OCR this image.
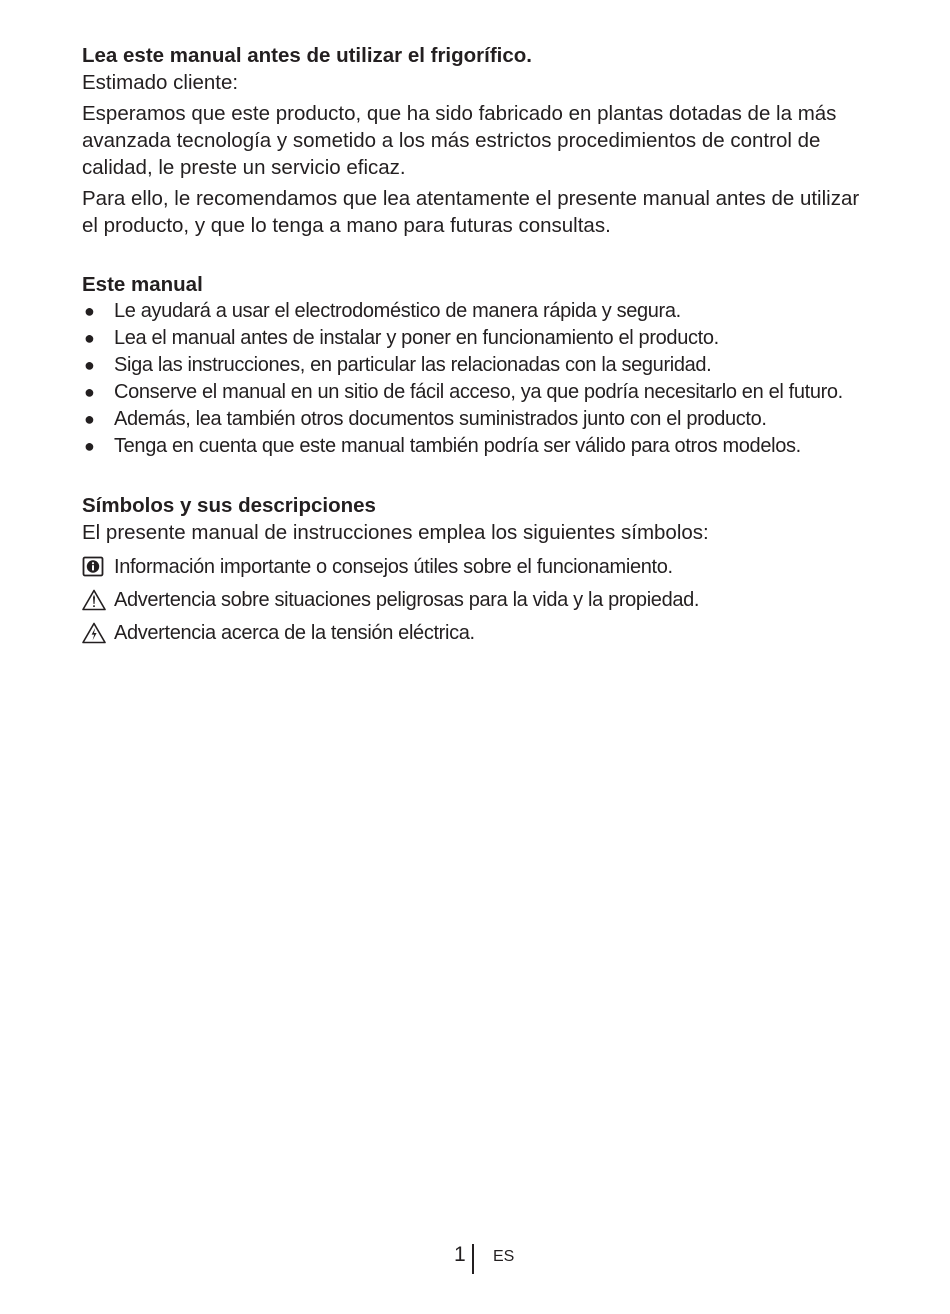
Lea este manual antes de utilizar el frigorífico.

Estimado cliente:

Esperamos que este producto, que ha sido fabricado en plantas dotadas de la más avanzada tecnología y sometido a los más estrictos procedimientos de control de calidad, le preste un servicio eficaz.

Para ello, le recomendamos que lea atentamente el presente manual antes de utilizar el producto, y que lo tenga a mano para futuras consultas.

Este manual

● Le ayudará a usar el electrodoméstico de manera rápida y segura.
● Lea el manual antes de instalar y poner en funcionamiento el producto.
● Siga las instrucciones, en particular las relacionadas con la seguridad.
● Conserve el manual en un sitio de fácil acceso, ya que podría necesitarlo en el futuro.
● Además, lea también otros documentos suministrados junto con el producto.
● Tenga en cuenta que este manual también podría ser válido para otros modelos.

Símbolos y sus descripciones

El presente manual de instrucciones emplea los siguientes símbolos:

Información importante o consejos útiles sobre el funcionamiento.
Advertencia sobre situaciones peligrosas para la vida y la propiedad.
Advertencia acerca de la tensión eléctrica.
1 ES
